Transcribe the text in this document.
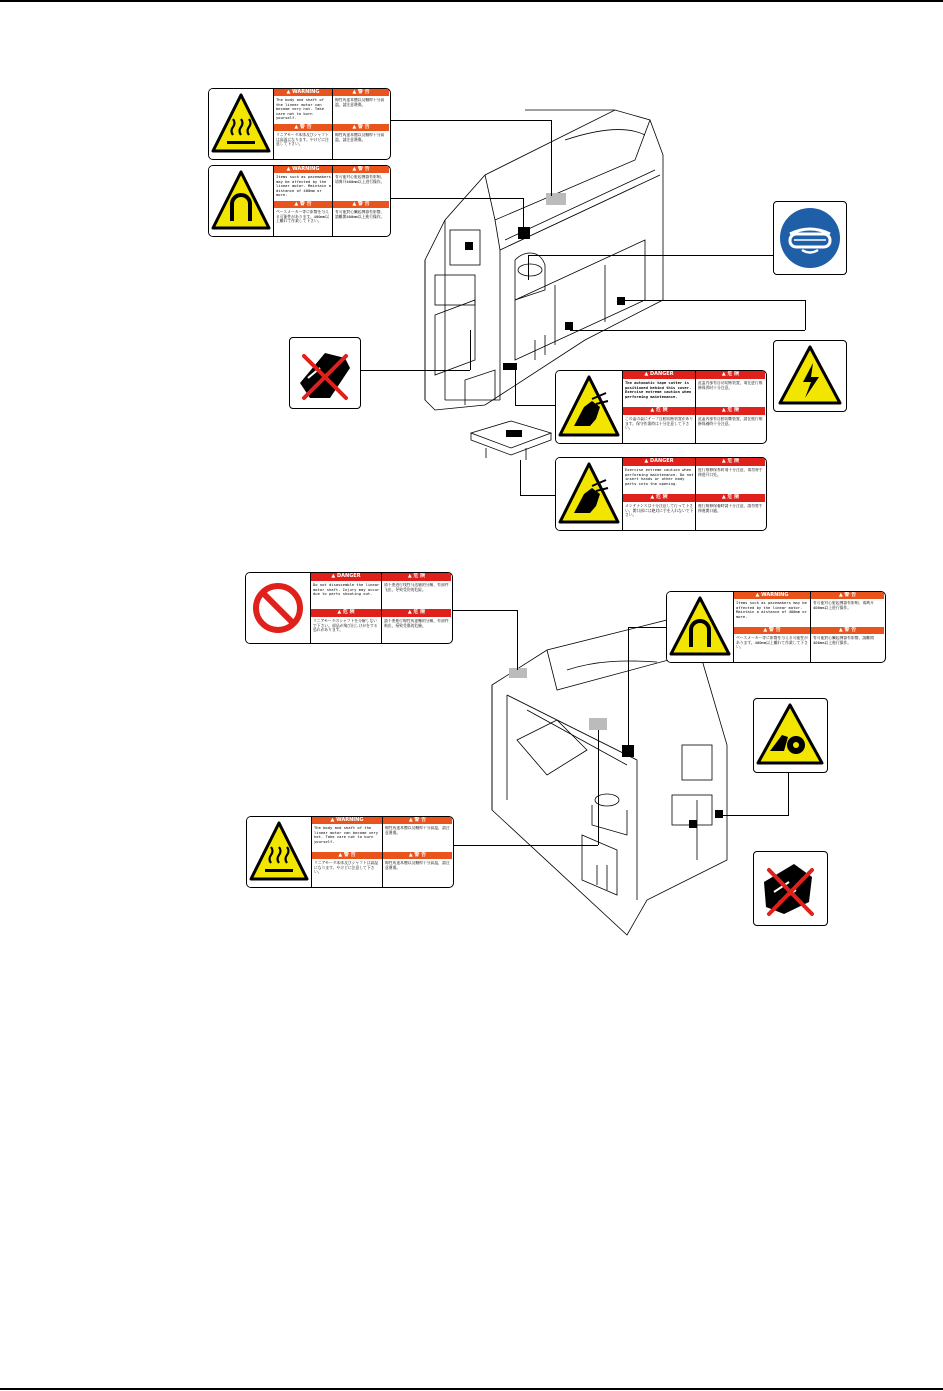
▲ WARNING	▲ 警 告
The body and shaft of the linear motor can become very hot. Take care not to burn yourself.
線性馬達本體以及軸桿十分高溫，請注意燙傷。
▲ 警 告	▲ 警 告
リニアモータ本体及びシャフトは高温になります。やけどに注意して下さい。
線性馬達本體以及軸桿十分高溫，請注意燙傷。
▲ WARNING	▲ 警 告
Items such as pacemakers may be affected by the linear motor. Maintain a distance of 400mm or more.
有可能对心脏起搏器有影响，请离开400mm以上进行操作。
▲ 警 告	▲ 警 告
ペースメーカー等に影響を与える可能性があります。400mm以上離れて作業して下さい。
有可能對心臟起搏器有影響，請離開400mm以上進行操作。
▲ DANGER	▲ 危 険
The automatic tape cutter is positioned behind this cover. Exercise extreme caution when performing maintenance.
此盖内部有自动切断装置，请在进行维修保养时十分注意。
▲ 危 険	▲ 危 險
この蓋の裏にテープ自動切断装置があります。保守作業時は十分注意して下さい。
此蓋內部有自動切斷裝置，請在進行維修保養時十分注意。
▲ DANGER	▲ 危 険
Exercise extreme caution when performing maintenance. Do not insert hands or other body parts into the opening.
进行维修保养时请十分注意，请勿将手伸进开口处。
▲ 危 険	▲ 危 險
メンテナンスは十分注意して行って下さい。開口部には絶対に手を入れないで下さい。
進行維修保養時請十分注意，請勿將手伸進開口處。
▲ DANGER	▲ 危 険
Do not disassemble the linear motor shaft. Injury may occur due to parts shooting out.
请不要进行线性马达轴的分解，有部件飞出，导致受伤的危险。
▲ 危 険	▲ 危 險
リニアモータのシャフトを分解しないで下さい。部品が飛び出しけがをする恐れがあります。
請不要進行線性馬達軸的分解，有部件飛出，導致受傷的危險。
▲ WARNING	▲ 警 告
Items such as pacemakers may be affected by the linear motor. Maintain a distance of 400mm or more.
有可能对心脏起搏器有影响，请离开400mm以上进行操作。
▲ 警 告	▲ 警 告
ペースメーカー等に影響を与える可能性があります。400mm以上離れて作業して下さい。
有可能對心臟起搏器有影響，請離開400mm以上進行操作。
▲ WARNING	▲ 警 告
The body and shaft of the linear motor can become very hot. Take care not to burn yourself.
線性馬達本體以及軸桿十分高溫，請注意燙傷。
▲ 警 告	▲ 警 告
リニアモータ本体及びシャフトは高温になります。やけどに注意して下さい。
線性馬達本體以及軸桿十分高溫，請注意燙傷。
